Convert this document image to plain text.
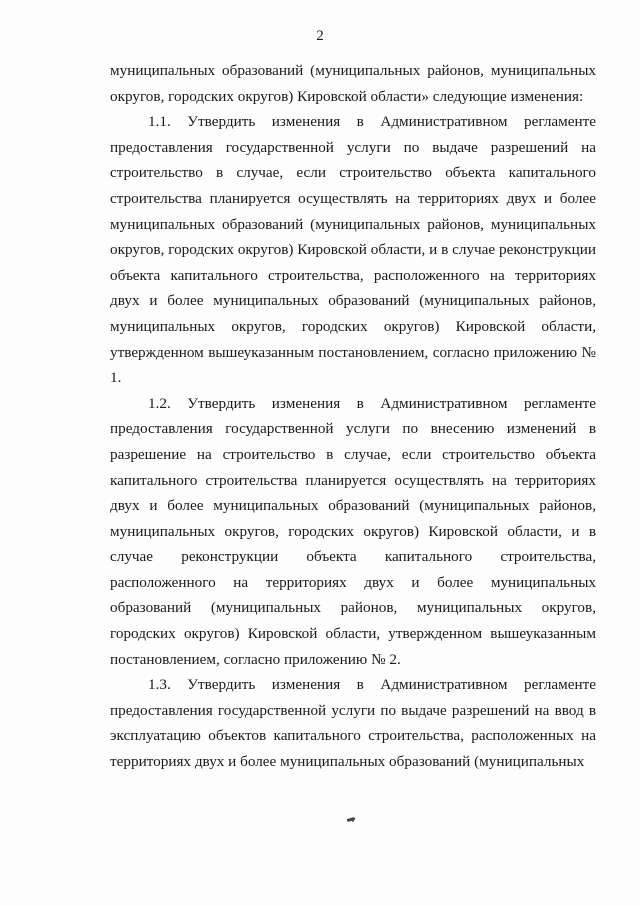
2

муниципальных образований (муниципальных районов, муниципальных округов, городских округов) Кировской области» следующие изменения:

1.1. Утвердить изменения в Административном регламенте предоставления государственной услуги по выдаче разрешений на строительство в случае, если строительство объекта капитального строительства планируется осуществлять на территориях двух и более муниципальных образований (муниципальных районов, муниципальных округов, городских округов) Кировской области, и в случае реконструкции объекта капитального строительства, расположенного на территориях двух и более муниципальных образований (муниципальных районов, муниципальных округов, городских округов) Кировской области, утвержденном вышеуказанным постановлением, согласно приложению № 1.

1.2. Утвердить изменения в Административном регламенте предоставления государственной услуги по внесению изменений в разрешение на строительство в случае, если строительство объекта капитального строительства планируется осуществлять на территориях двух и более муниципальных образований (муниципальных районов, муниципальных округов, городских округов) Кировской области, и в случае реконструкции объекта капитального строительства, расположенного на территориях двух и более муниципальных образований (муниципальных районов, муниципальных округов, городских округов) Кировской области, утвержденном вышеуказанным постановлением, согласно приложению № 2.

1.3. Утвердить изменения в Административном регламенте предоставления государственной услуги по выдаче разрешений на ввод в эксплуатацию объектов капитального строительства, расположенных на территориях двух и более муниципальных образований (муниципальных
